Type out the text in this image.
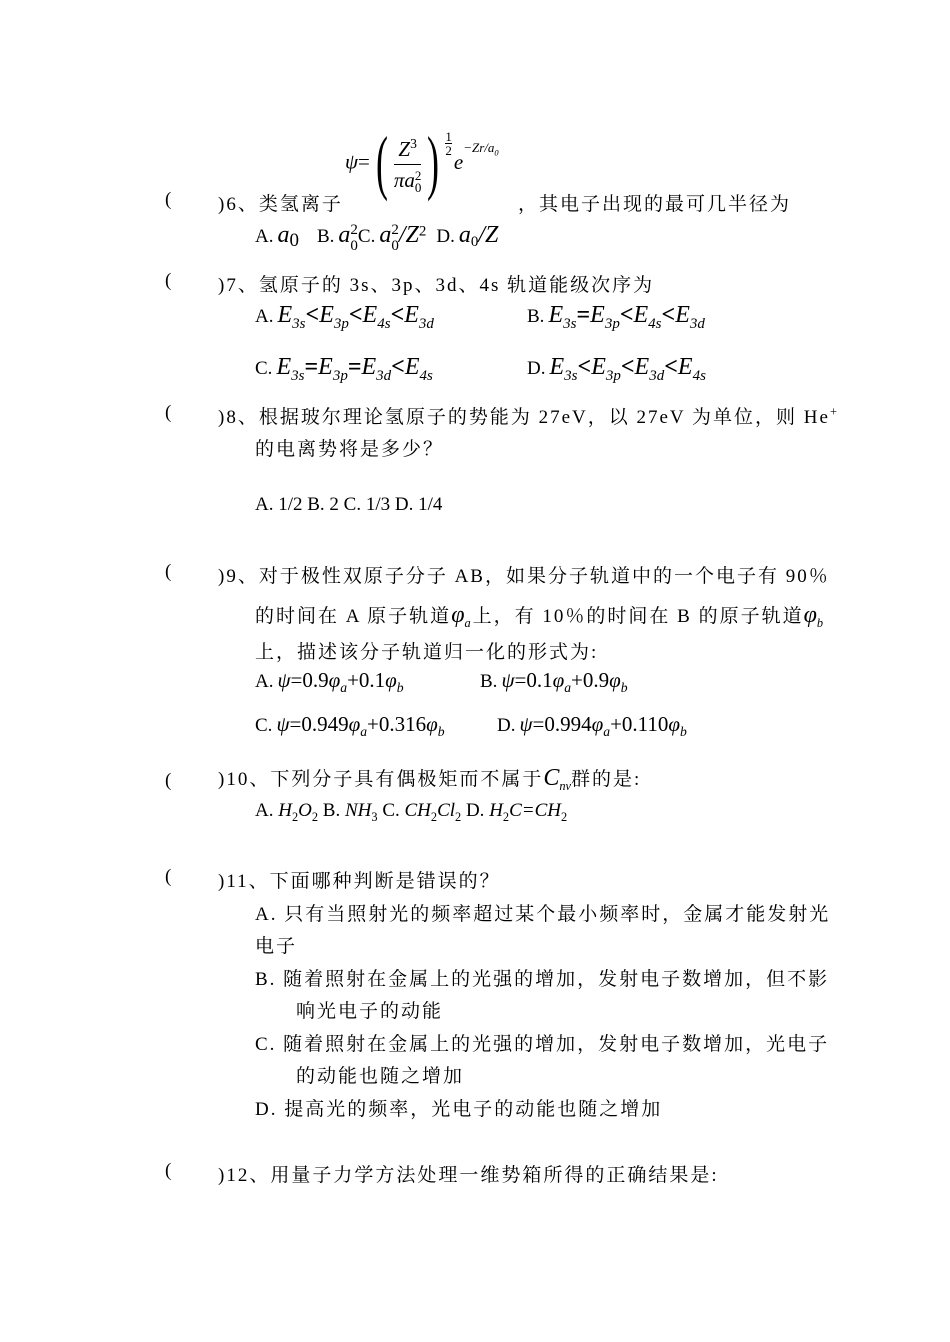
ψ=( $Z^3$
πa 2
0 ) $\frac{1}{2}$
$e-Zr/a_0$
( )6、类氢离子	，其电子出现的最可几半径为
A. $a_0$ B. a 2
0 C. a 2
0 $/Z^2$ D. $a_0/Z$
( )7、氢原子的 3s、3p、3d、4s 轨道能级次序为
A. $E_{3s}<E_{3p}<E_{4s}<E_{3d}$	B. $E_{3s}=E_{3p}<E_{4s}<E_{3d}$
C. $E_{3s}=E_{3p}=E_{3d}<E_{4s}$	D. $E_{3s}<E_{3p}<E_{3d}<E_{4s}$
( )8、根据玻尔理论氢原子的势能为 27eV，以 27eV 为单位，则 He+
的电离势将是多少？
A. 1/2 B. 2 C. 1/3 D. 1/4
( )9、对于极性双原子分子 AB，如果分子轨道中的一个电子有 90％
的时间在 A 原子轨道$\varphi_a$上，有 10％的时间在 B 的原子轨道$\varphi_b$
上，描述该分子轨道归一化的形式为:
A. $\psi=0.9\varphi_a+0.1\varphi_b$	B. $\psi=0.1\varphi_a+0.9\varphi_b$
C. $\psi=0.949\varphi_a+0.316\varphi_b$	D. $\psi=0.994\varphi_a+0.110\varphi_b$
( )10、下列分子具有偶极矩而不属于$C_{nv}$群的是:
A. $H_2O_2$ B. $NH_3$ C. $CH_2Cl_2$ D. $H_2C=CH_2$
( )11、下面哪种判断是错误的？
A. 只有当照射光的频率超过某个最小频率时，金属才能发射光
电子
B. 随着照射在金属上的光强的增加，发射电子数增加，但不影
响光电子的动能
C. 随着照射在金属上的光强的增加，发射电子数增加，光电子
的动能也随之增加
D. 提高光的频率，光电子的动能也随之增加
( )12、用量子力学方法处理一维势箱所得的正确结果是:
